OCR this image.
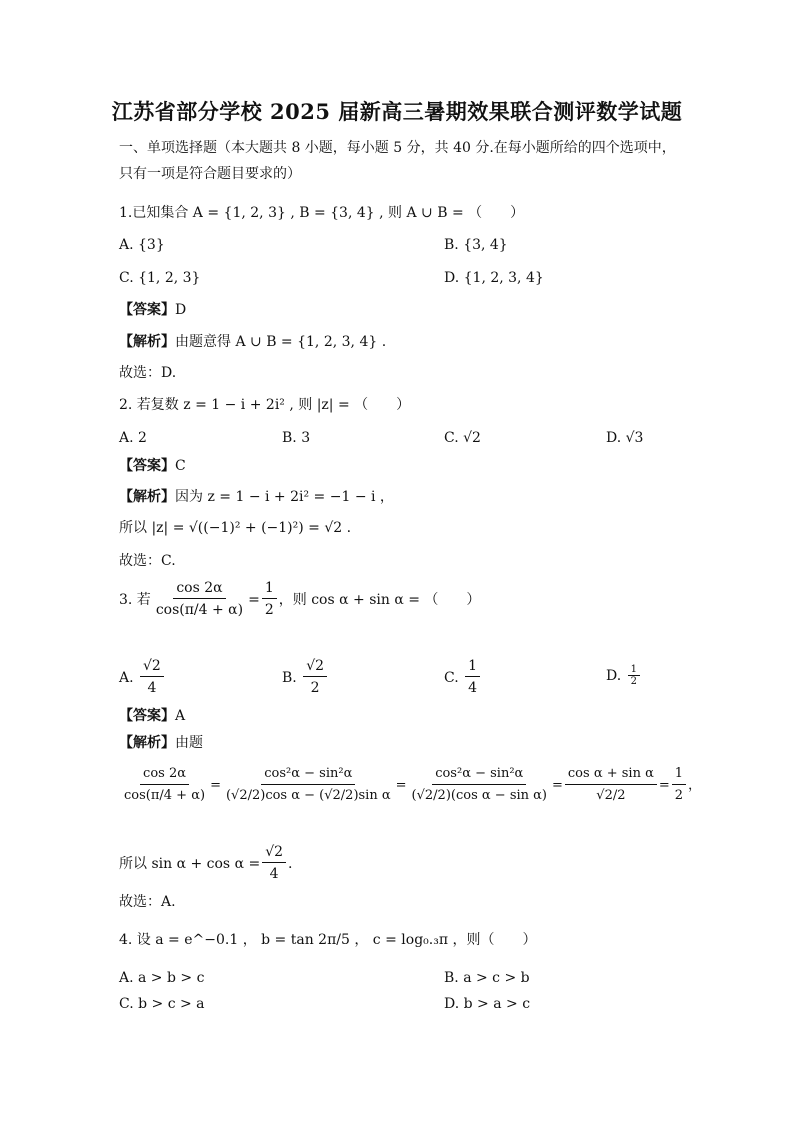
江苏省部分学校 2025 届新高三暑期效果联合测评数学试题
一、单项选择题（本大题共 8 小题，每小题 5 分，共 40 分.在每小题所给的四个选项中，
只有一项是符合题目要求的）
1.已知集合 A = {1, 2, 3} , B = {3, 4} , 则 A ∪ B = （　　）
A. {3}	B. {3, 4}
C. {1, 2, 3}	D. {1, 2, 3, 4}
【答案】D
【解析】由题意得 A ∪ B = {1, 2, 3, 4} .
故选：D.
2. 若复数 z = 1 − i + 2i² , 则 |z| = （　　）
A. 2	B. 3	C. √2	D. √3
【答案】C
【解析】因为 z = 1 − i + 2i² = −1 − i ，
所以 |z| = √((−1)² + (−1)²) = √2 .
故选：C.
3. 若 $\frac{\cos 2\alpha}{\cos(\pi/4 + \alpha)} = \frac{1}{2}$ ，则 cos α + sin α = （　　）
A.
$\frac{√2}{4}$	B.
$\frac{√2}{2}$	C.
$\frac{1}{4}$	D.
$\frac{1}{2}$
【答案】A
【解析】由题
$\frac{\cos 2\alpha}{\cos(\pi/4 + \alpha)} = \frac{\text{cos²α − sin²α}}{\text{(√2/2)cos α − (√2/2)sin α}} = \frac{\text{cos²α − sin²α}}{\text{(√2/2)(cos α − sin α)}} = \frac{\text{cos α + sin α}}{√2/2} = \frac{1}{2}$ ，
所以 $\sin \alpha + \cos \alpha = \frac{√2}{4}$ .
故选：A.
4. 设 a = e^−0.1 ， b = tan 2π/5 ， c = log₀.₃π ，则（　　）
A. a > b > c	B. a > c > b
C. b > c > a	D. b > a > c
